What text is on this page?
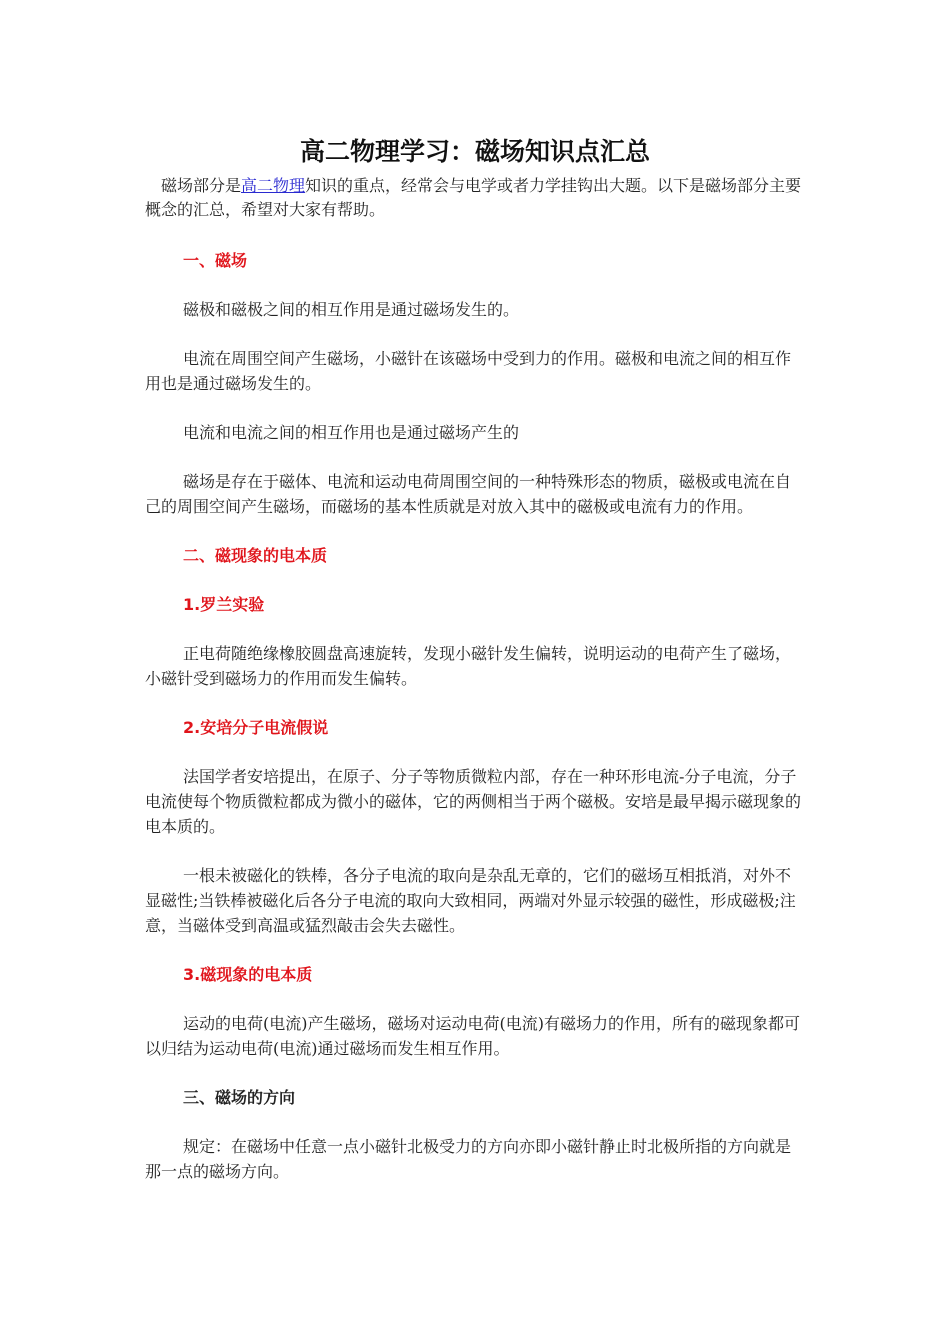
高二物理学习：磁场知识点汇总

磁场部分是高二物理知识的重点，经常会与电学或者力学挂钩出大题。以下是磁场部分主要概念的汇总，希望对大家有帮助。

一、磁场

磁极和磁极之间的相互作用是通过磁场发生的。

电流在周围空间产生磁场，小磁针在该磁场中受到力的作用。磁极和电流之间的相互作用也是通过磁场发生的。

电流和电流之间的相互作用也是通过磁场产生的

磁场是存在于磁体、电流和运动电荷周围空间的一种特殊形态的物质，磁极或电流在自己的周围空间产生磁场，而磁场的基本性质就是对放入其中的磁极或电流有力的作用。

二、磁现象的电本质

1.罗兰实验

正电荷随绝缘橡胶圆盘高速旋转，发现小磁针发生偏转，说明运动的电荷产生了磁场，小磁针受到磁场力的作用而发生偏转。

2.安培分子电流假说

法国学者安培提出，在原子、分子等物质微粒内部，存在一种环形电流-分子电流，分子电流使每个物质微粒都成为微小的磁体，它的两侧相当于两个磁极。安培是最早揭示磁现象的电本质的。

一根未被磁化的铁棒，各分子电流的取向是杂乱无章的，它们的磁场互相抵消，对外不显磁性;当铁棒被磁化后各分子电流的取向大致相同，两端对外显示较强的磁性，形成磁极;注意，当磁体受到高温或猛烈敲击会失去磁性。

3.磁现象的电本质

运动的电荷(电流)产生磁场，磁场对运动电荷(电流)有磁场力的作用，所有的磁现象都可以归结为运动电荷(电流)通过磁场而发生相互作用。

三、磁场的方向

规定：在磁场中任意一点小磁针北极受力的方向亦即小磁针静止时北极所指的方向就是那一点的磁场方向。
